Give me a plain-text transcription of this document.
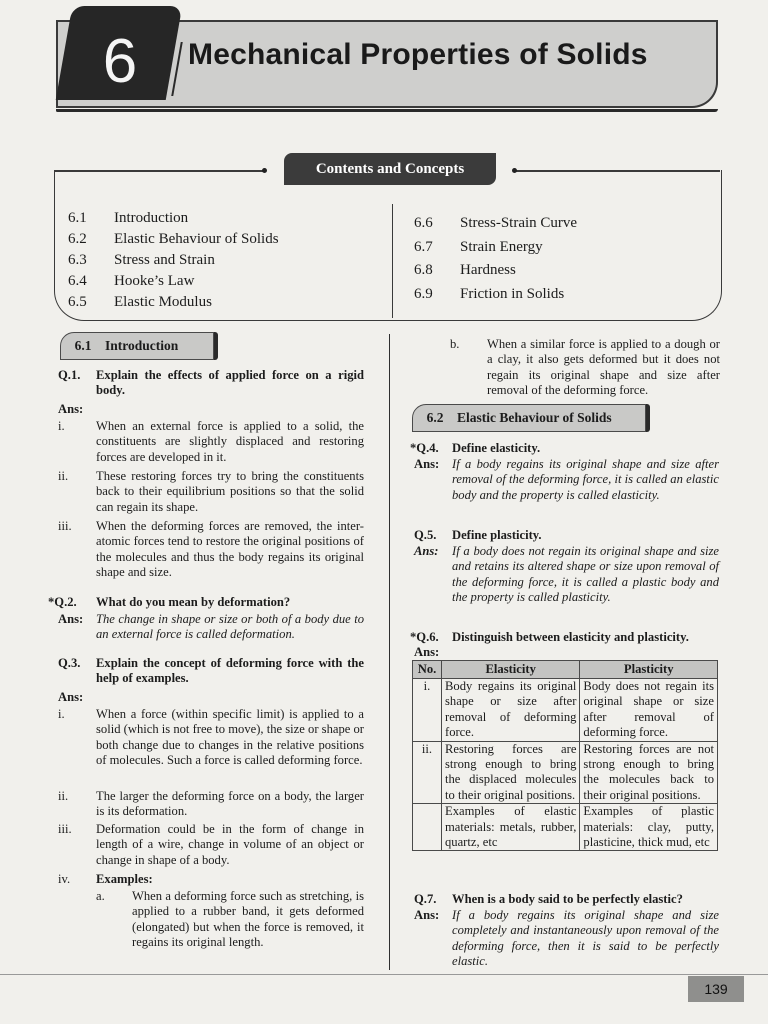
6	Mechanical Properties of Solids
Contents and Concepts
6.1 Introduction
6.2 Elastic Behaviour of Solids
6.3 Stress and Strain
6.4 Hooke’s Law
6.5 Elastic Modulus
6.6 Stress-Strain Curve
6.7 Strain Energy
6.8 Hardness
6.9 Friction in Solids
6.1 Introduction
Q.1. Explain the effects of applied force on a rigid body.
Ans:
i. When an external force is applied to a solid, the constituents are slightly displaced and restoring forces are developed in it.
ii. These restoring forces try to bring the constituents back to their equilibrium positions so that the solid can regain its shape.
iii. When the deforming forces are removed, the inter-atomic forces tend to restore the original positions of the molecules and thus the body regains its original shape and size.
*Q.2. What do you mean by deformation?
Ans: The change in shape or size or both of a body due to an external force is called deformation.
Q.3. Explain the concept of deforming force with the help of examples.
Ans:
i. When a force (within specific limit) is applied to a solid (which is not free to move), the size or shape or both change due to changes in the relative positions of molecules. Such a force is called deforming force.
ii. The larger the deforming force on a body, the larger is its deformation.
iii. Deformation could be in the form of change in length of a wire, change in volume of an object or change in shape of a body.
iv. Examples:
a. When a deforming force such as stretching, is applied to a rubber band, it gets deformed (elongated) but when the force is removed, it regains its original length.
b. When a similar force is applied to a dough or a clay, it also gets deformed but it does not regain its original shape and size after removal of the deforming force.
6.2 Elastic Behaviour of Solids
*Q.4. Define elasticity.
Ans: If a body regains its original shape and size after removal of the deforming force, it is called an elastic body and the property is called elasticity.
Q.5. Define plasticity.
Ans: If a body does not regain its original shape and size and retains its altered shape or size upon removal of the deforming force, it is called a plastic body and the property is called plasticity.
*Q.6. Distinguish between elasticity and plasticity.
Ans:
No.	Elasticity	Plasticity
i.	Body regains its original shape or size after removal of deforming force.	Body does not regain its original shape or size after removal of deforming force.
ii.	Restoring forces are strong enough to bring the displaced molecules to their original positions.	Restoring forces are not strong enough to bring the molecules back to their original positions.
	Examples of elastic materials: metals, rubber, quartz, etc	Examples of plastic materials: clay, putty, plasticine, thick mud, etc
Q.7. When is a body said to be perfectly elastic?
Ans: If a body regains its original shape and size completely and instantaneously upon removal of the deforming force, then it is said to be perfectly elastic.
139
